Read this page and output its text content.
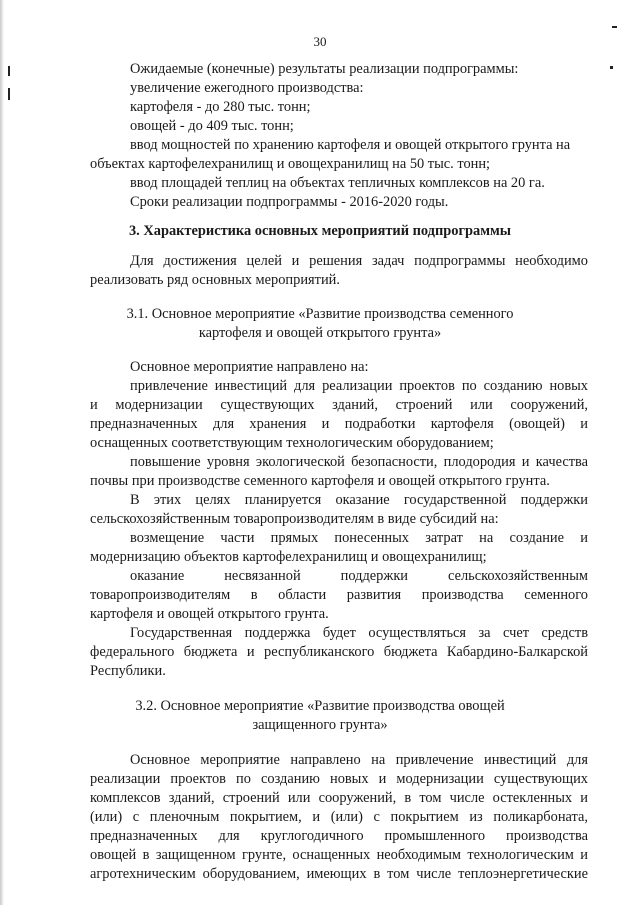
30
Ожидаемые (конечные) результаты реализации подпрограммы:
увеличение ежегодного производства:
картофеля - до 280 тыс. тонн;
овощей - до 409 тыс. тонн;
ввод мощностей по хранению картофеля и овощей открытого грунта на
объектах картофелехранилищ и овощехранилищ на 50 тыс. тонн;
ввод площадей теплиц на объектах тепличных комплексов на 20 га.
Сроки реализации подпрограммы - 2016-2020 годы.
3. Характеристика основных мероприятий подпрограммы
Для достижения целей и решения задач подпрограммы необходимо
реализовать ряд основных мероприятий.
3.1. Основное мероприятие «Развитие производства семенного
картофеля и овощей открытого грунта»
Основное мероприятие направлено на:
привлечение инвестиций для реализации проектов по созданию новых
и модернизации существующих зданий, строений или сооружений,
предназначенных для хранения и подработки картофеля (овощей) и
оснащенных соответствующим технологическим оборудованием;
повышение уровня экологической безопасности, плодородия и качества
почвы при производстве семенного картофеля и овощей открытого грунта.
В этих целях планируется оказание государственной поддержки
сельскохозяйственным товаропроизводителям в виде субсидий на:
возмещение части прямых понесенных затрат на создание и
модернизацию объектов картофелехранилищ и овощехранилищ;
оказание несвязанной поддержки сельскохозяйственным
товаропроизводителям в области развития производства семенного
картофеля и овощей открытого грунта.
Государственная поддержка будет осуществляться за счет средств
федерального бюджета и республиканского бюджета Кабардино-Балкарской
Республики.
3.2. Основное мероприятие «Развитие производства овощей
защищенного грунта»
Основное мероприятие направлено на привлечение инвестиций для
реализации проектов по созданию новых и модернизации существующих
комплексов зданий, строений или сооружений, в том числе остекленных и
(или) с пленочным покрытием, и (или) с покрытием из поликарбоната,
предназначенных для круглогодичного промышленного производства
овощей в защищенном грунте, оснащенных необходимым технологическим и
агротехническим оборудованием, имеющих в том числе теплоэнергетические
